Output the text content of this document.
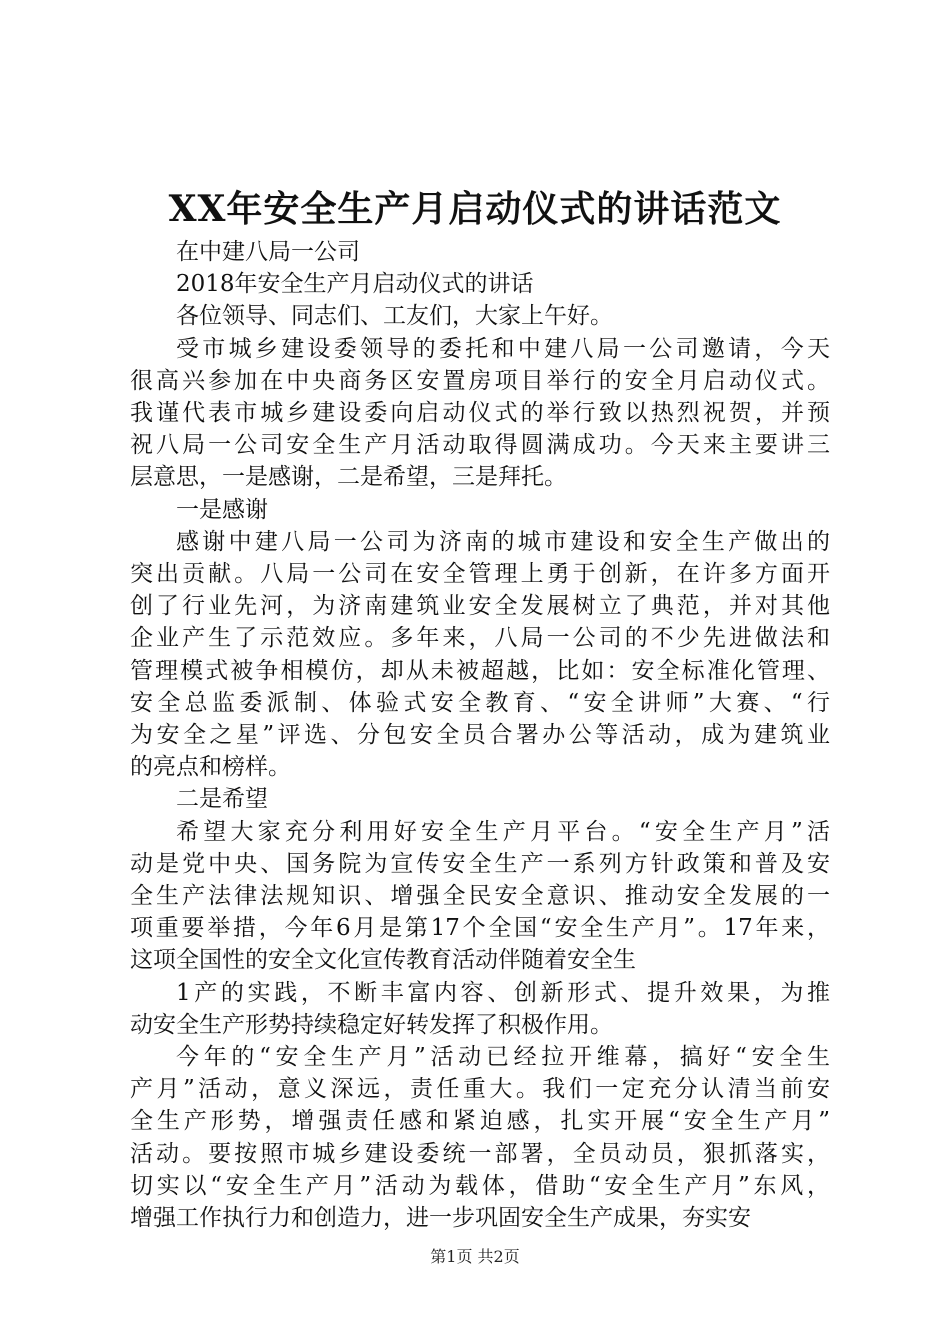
XX年安全生产月启动仪式的讲话范文
在中建八局一公司
2018年安全生产月启动仪式的讲话
各位领导、同志们、工友们，大家上午好。
受市城乡建设委领导的委托和中建八局一公司邀请，今天
很高兴参加在中央商务区安置房项目举行的安全月启动仪式。
我谨代表市城乡建设委向启动仪式的举行致以热烈祝贺，并预
祝八局一公司安全生产月活动取得圆满成功。今天来主要讲三
层意思，一是感谢，二是希望，三是拜托。
一是感谢
感谢中建八局一公司为济南的城市建设和安全生产做出的
突出贡献。八局一公司在安全管理上勇于创新，在许多方面开
创了行业先河，为济南建筑业安全发展树立了典范，并对其他
企业产生了示范效应。多年来，八局一公司的不少先进做法和
管理模式被争相模仿，却从未被超越，比如：安全标准化管理、
安全总监委派制、体验式安全教育、“安全讲师”大赛、“行
为安全之星”评选、分包安全员合署办公等活动，成为建筑业
的亮点和榜样。
二是希望
希望大家充分利用好安全生产月平台。“安全生产月”活
动是党中央、国务院为宣传安全生产一系列方针政策和普及安
全生产法律法规知识、增强全民安全意识、推动安全发展的一
项重要举措，今年6月是第17个全国“安全生产月”。17年来，
这项全国性的安全文化宣传教育活动伴随着安全生
1产的实践，不断丰富内容、创新形式、提升效果，为推
动安全生产形势持续稳定好转发挥了积极作用。
今年的“安全生产月”活动已经拉开维幕，搞好“安全生
产月”活动，意义深远，责任重大。我们一定充分认清当前安
全生产形势，增强责任感和紧迫感，扎实开展“安全生产月”
活动。要按照市城乡建设委统一部署，全员动员，狠抓落实，
切实以“安全生产月”活动为载体，借助“安全生产月”东风，
增强工作执行力和创造力，进一步巩固安全生产成果，夯实安
第1页 共2页
